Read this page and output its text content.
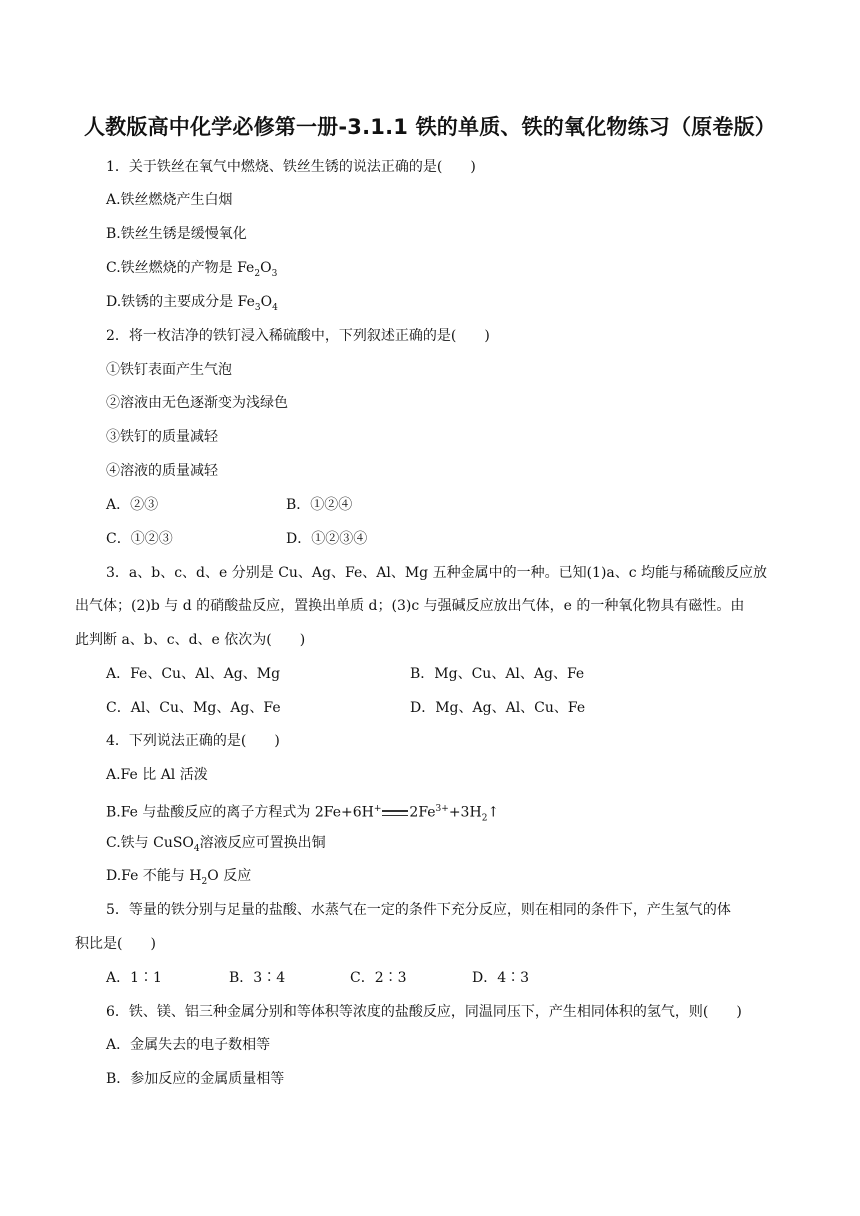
人教版高中化学必修第一册-3.1.1 铁的单质、铁的氧化物练习（原卷版）
1．关于铁丝在氧气中燃烧、铁丝生锈的说法正确的是(　　)
A.铁丝燃烧产生白烟
B.铁丝生锈是缓慢氧化
C.铁丝燃烧的产物是 $Fe_2O_3$
D.铁锈的主要成分是 $Fe_3O_4$
2．将一枚洁净的铁钉浸入稀硫酸中，下列叙述正确的是(　　)
①铁钉表面产生气泡
②溶液由无色逐渐变为浅绿色
③铁钉的质量减轻
④溶液的质量减轻
A．②③	B．①②④
C．①②③	D．①②③④
3．a、b、c、d、e 分别是 Cu、Ag、Fe、Al、Mg 五种金属中的一种。已知(1)a、c 均能与稀硫酸反应放
出气体；(2)b 与 d 的硝酸盐反应，置换出单质 d；(3)c 与强碱反应放出气体，e 的一种氧化物具有磁性。由
此判断 a、b、c、d、e 依次为(　　)
A．Fe、Cu、Al、Ag、Mg	B．Mg、Cu、Al、Ag、Fe
C．Al、Cu、Mg、Ag、Fe	D．Mg、Ag、Al、Cu、Fe
4．下列说法正确的是(　　)
A.Fe 比 Al 活泼
B.Fe 与盐酸反应的离子方程式为 2Fe+6H+ $2Fe^{3+}+3H_2↑$
C.铁与 CuSO$_4$溶液反应可置换出铜
D.Fe 不能与 $H_2O$ 反应
5．等量的铁分别与足量的盐酸、水蒸气在一定的条件下充分反应，则在相同的条件下，产生氢气的体
积比是(　　)
A．1∶1	B．3∶4	C．2∶3	D．4∶3
6．铁、镁、铝三种金属分别和等体积等浓度的盐酸反应，同温同压下，产生相同体积的氢气，则(　　)
A．金属失去的电子数相等
B．参加反应的金属质量相等
